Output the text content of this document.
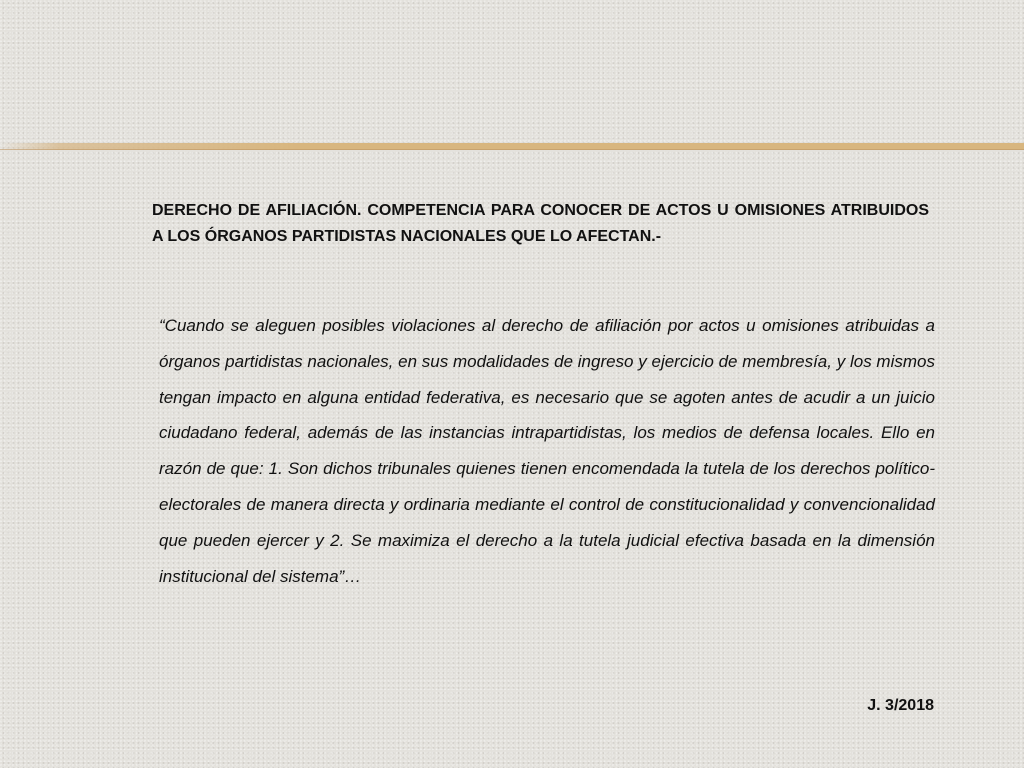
DERECHO DE AFILIACIÓN. COMPETENCIA PARA CONOCER DE ACTOS U OMISIONES ATRIBUIDOS A LOS ÓRGANOS PARTIDISTAS NACIONALES QUE LO AFECTAN.-

“Cuando se aleguen posibles violaciones al derecho de afiliación por actos u omisiones atribuidas a órganos partidistas nacionales, en sus modalidades de ingreso y ejercicio de membresía, y los mismos tengan impacto en alguna entidad federativa, es necesario que se agoten antes de acudir a un juicio ciudadano federal, además de las instancias intrapartidistas, los medios de defensa locales. Ello en razón de que: 1. Son dichos tribunales quienes tienen encomendada la tutela de los derechos político-electorales de manera directa y ordinaria mediante el control de constitucionalidad y convencionalidad que pueden ejercer y 2. Se maximiza el derecho a la tutela judicial efectiva basada en la dimensión institucional del sistema”…

J. 3/2018
